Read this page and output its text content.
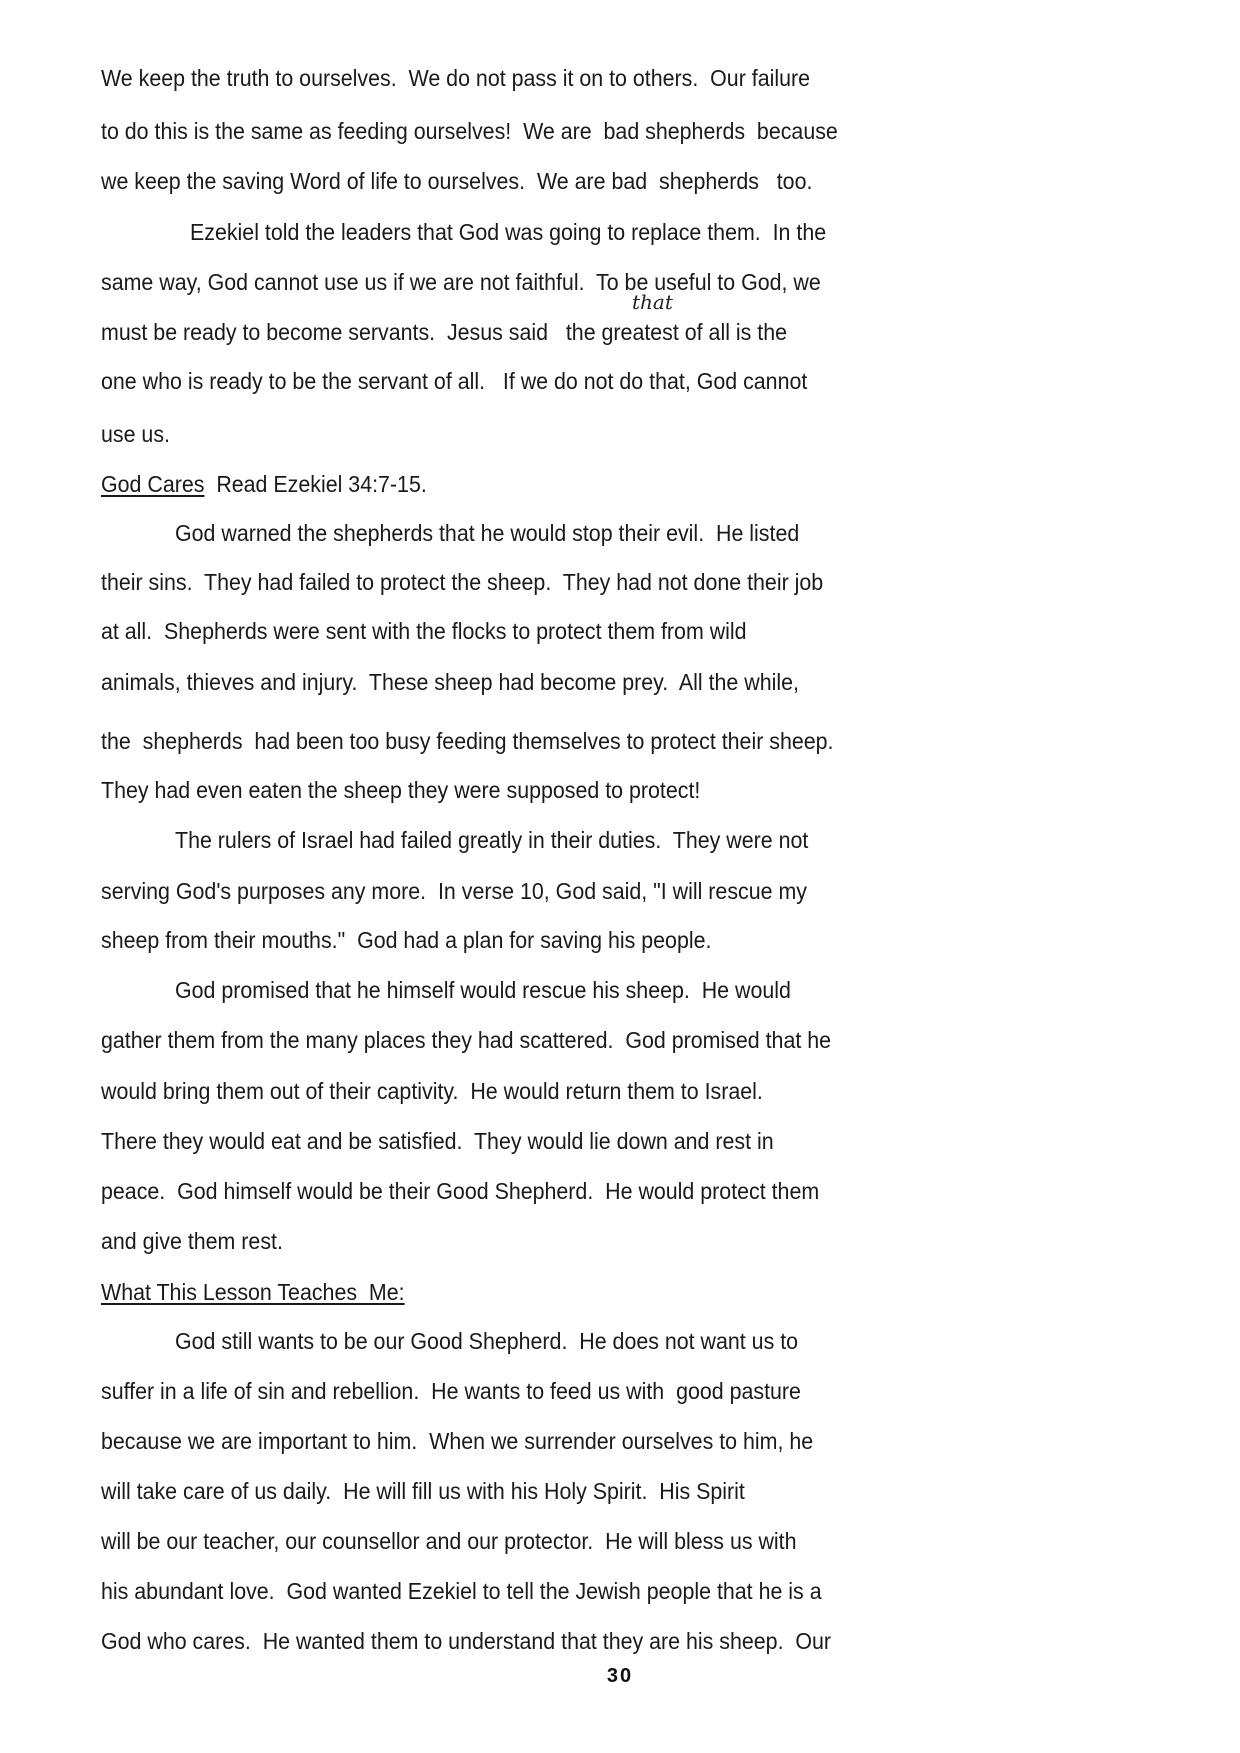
We keep the truth to ourselves.  We do not pass it on to others.  Our failure
to do this is the same as feeding ourselves!  We are  bad shepherds  because
we keep the saving Word of life to ourselves.  We are bad  shepherds   too.
Ezekiel told the leaders that God was going to replace them.  In the
same way, God cannot use us if we are not faithful.  To be useful to God, we
that
must be ready to become servants.  Jesus said   the greatest of all is the
one who is ready to be the servant of all.   If we do not do that, God cannot
use us.
God Cares Read Ezekiel 34:7-15.
God warned the shepherds that he would stop their evil.  He listed
their sins.  They had failed to protect the sheep.  They had not done their job
at all.  Shepherds were sent with the flocks to protect them from wild
animals, thieves and injury.  These sheep had become prey.  All the while,
the  shepherds  had been too busy feeding themselves to protect their sheep.
They had even eaten the sheep they were supposed to protect!
The rulers of Israel had failed greatly in their duties.  They were not
serving God's purposes any more.  In verse 10, God said, "I will rescue my
sheep from their mouths."  God had a plan for saving his people.
God promised that he himself would rescue his sheep.  He would
gather them from the many places they had scattered.  God promised that he
would bring them out of their captivity.  He would return them to Israel.
There they would eat and be satisfied.  They would lie down and rest in
peace.  God himself would be their Good Shepherd.  He would protect them
and give them rest.
What This Lesson Teaches  Me:
God still wants to be our Good Shepherd.  He does not want us to
suffer in a life of sin and rebellion.  He wants to feed us with  good pasture
because we are important to him.  When we surrender ourselves to him, he
will take care of us daily.  He will fill us with his Holy Spirit.  His Spirit
will be our teacher, our counsellor and our protector.  He will bless us with
his abundant love.  God wanted Ezekiel to tell the Jewish people that he is a
God who cares.  He wanted them to understand that they are his sheep.  Our
30
